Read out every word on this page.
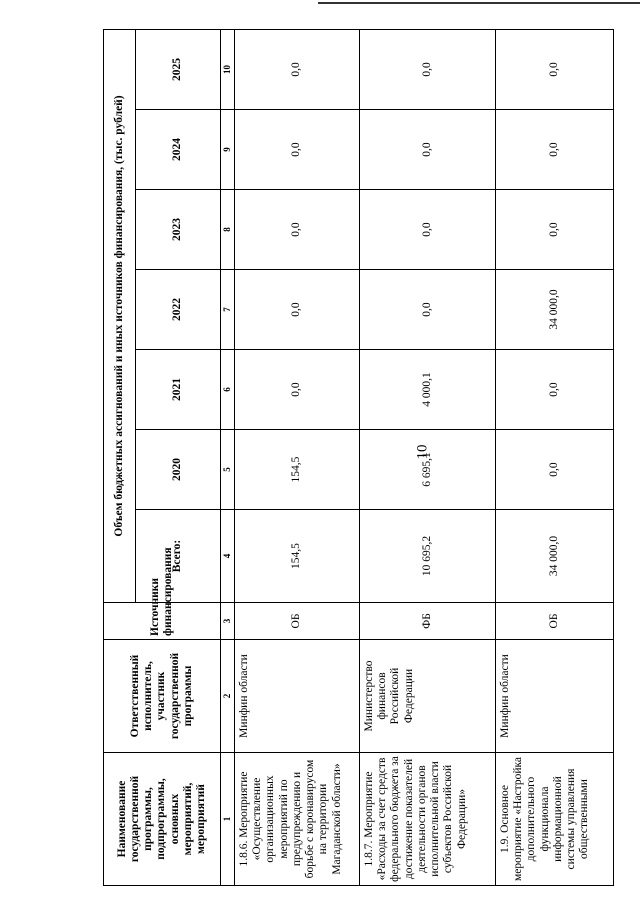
10
Наименование государственной программы, подпрограммы, основных мероприятий, мероприятий	Ответственный исполнитель, участник государственной программы	Источники финансирования	Объем бюджетных ассигнований и иных источников финансирования, (тыс. рублей)						
			Всего:	2020	2021	2022	2023	2024	2025
1	2	3	4	5	6	7	8	9	10
1.8.6. Мероприятие «Осуществление организационных мероприятий по предупреждению и борьбе с коронавирусом на территории Магаданской области»	Минфин области	ОБ	154,5	154,5	0,0	0,0	0,0	0,0	0,0
1.8.7. Мероприятие «Расходы за счет средств федерального бюджета за достижение показателей деятельности органов исполнительной власти субъектов Российской Федерации»	Министерство финансов Российской Федерации	ФБ	10 695,2	6 695,1	4 000,1	0,0	0,0	0,0	0,0
1.9. Основное мероприятие «Настройка дополнительного функционала информационной системы управления общественными	Минфин области	ОБ	34 000,0	0,0	0,0	34 000,0	0,0	0,0	0,0
